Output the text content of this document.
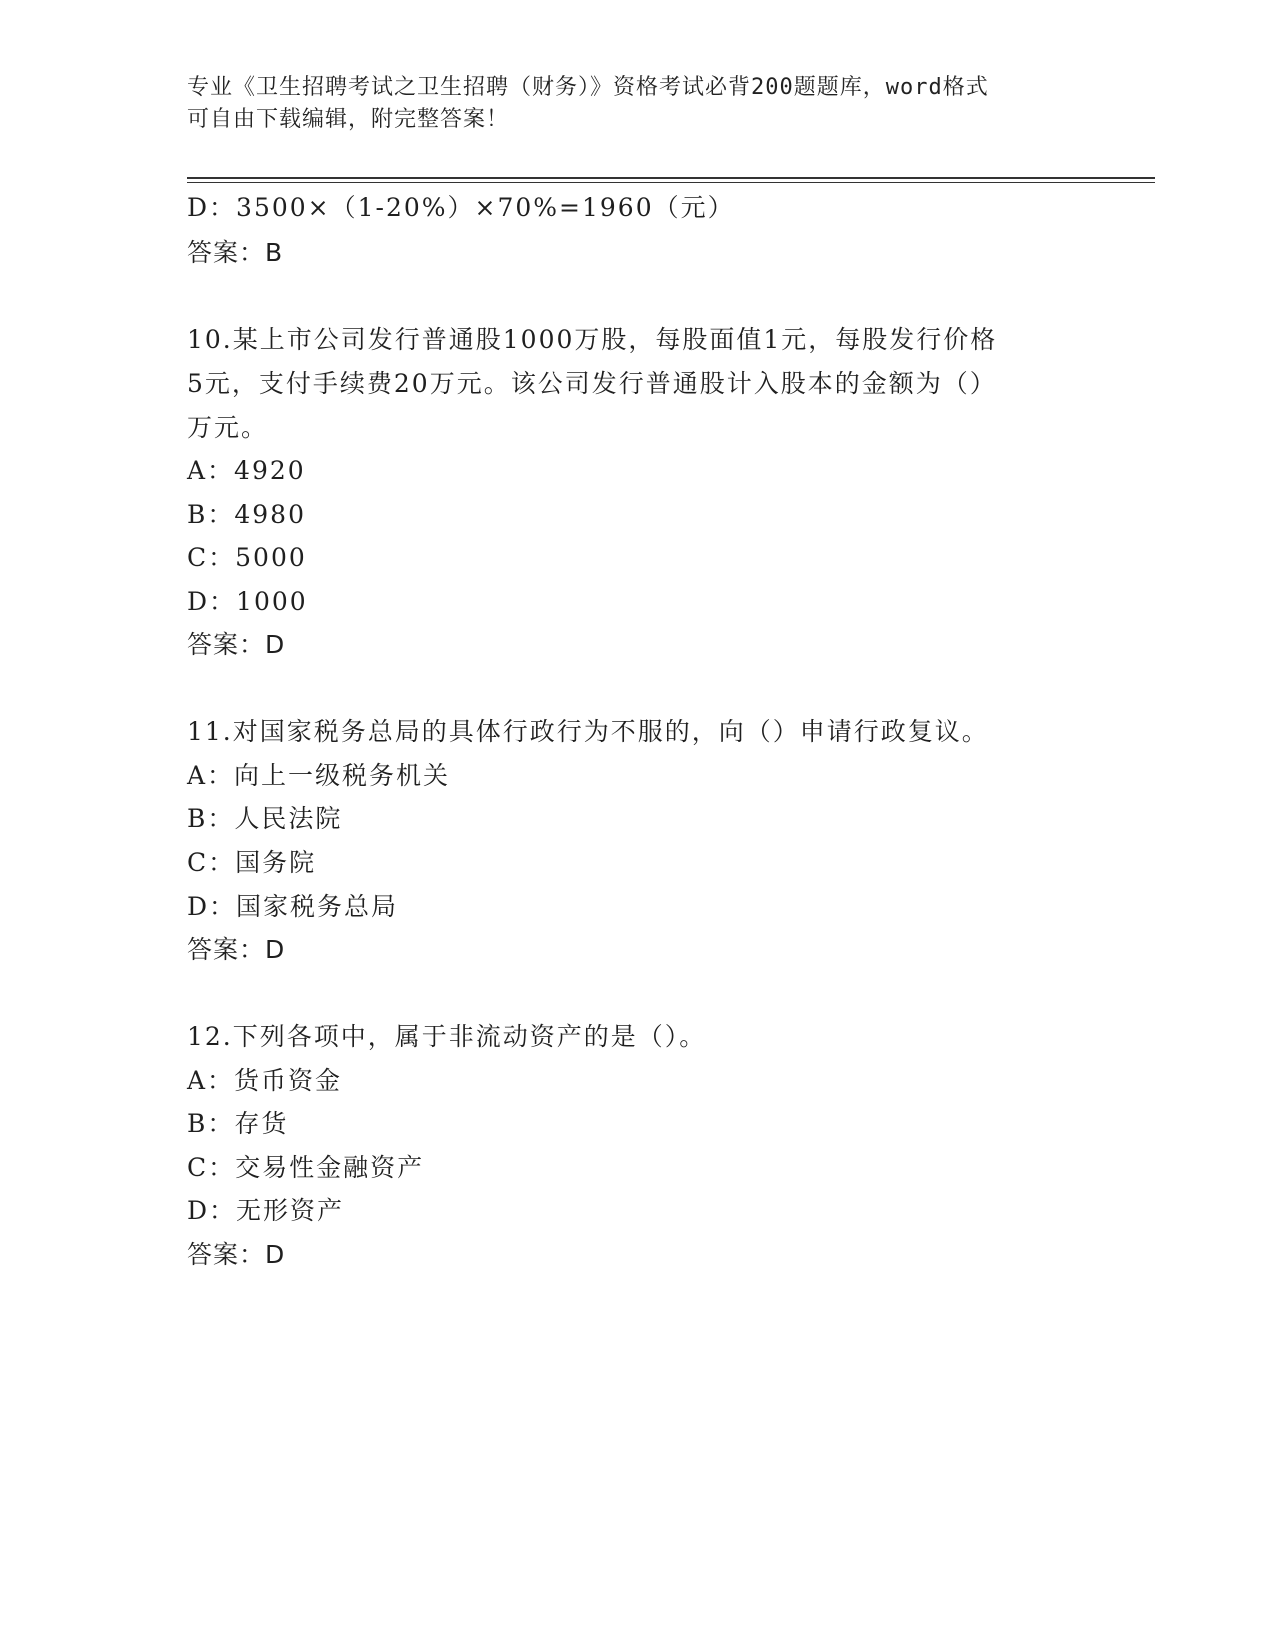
专业《卫生招聘考试之卫生招聘（财务）》资格考试必背200题题库，word格式
可自由下载编辑，附完整答案！
D：3500×（1-20%）×70%=1960（元）
答案：B
10.某上市公司发行普通股1000万股，每股面值1元，每股发行价格
5元，支付手续费20万元。该公司发行普通股计入股本的金额为（）
万元。
A：4920
B：4980
C：5000
D：1000
答案：D
11.对国家税务总局的具体行政行为不服的，向（）申请行政复议。
A：向上一级税务机关
B：人民法院
C：国务院
D：国家税务总局
答案：D
12.下列各项中，属于非流动资产的是（）。
A：货币资金
B：存货
C：交易性金融资产
D：无形资产
答案：D
